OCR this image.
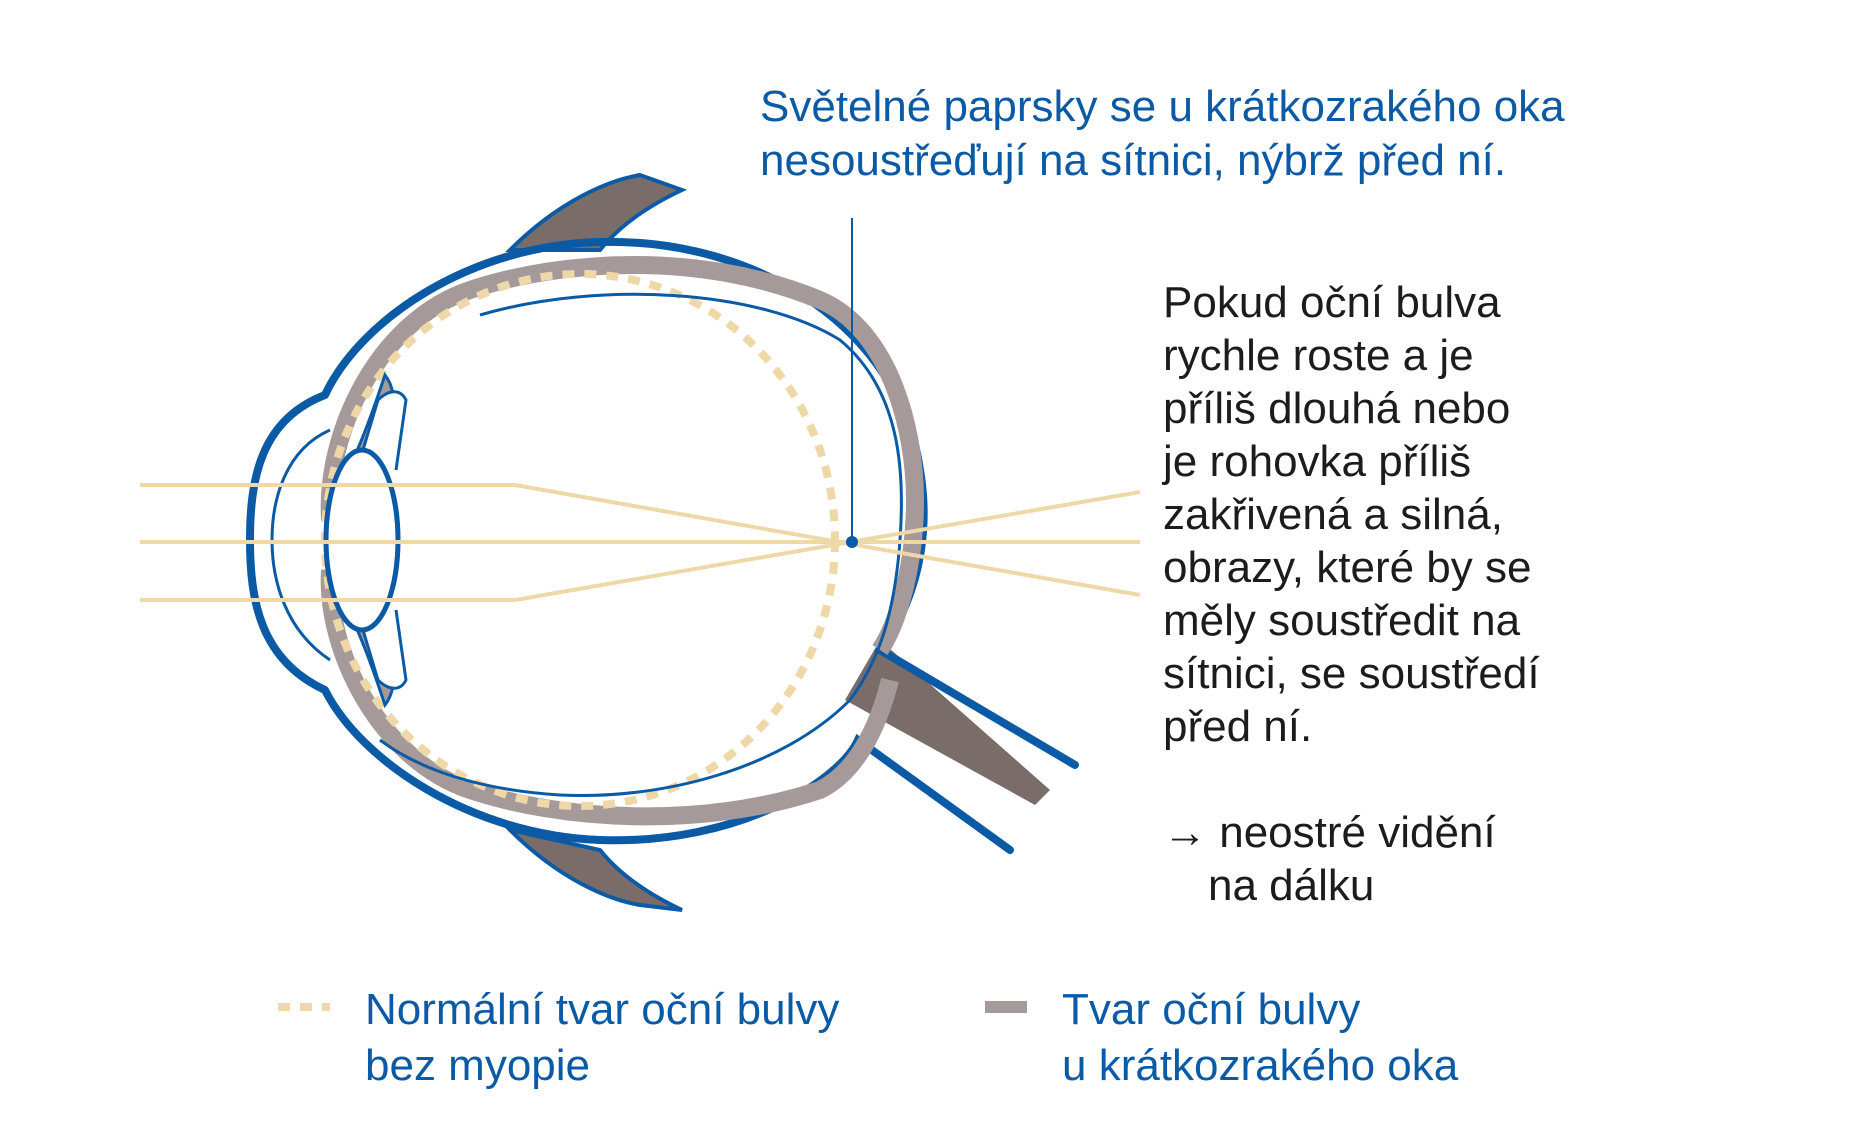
Světelné paprsky se u krátkozrakého oka
nesoustřeďují na sítnici, nýbrž před ní.
Pokud oční bulva
rychle roste a je
příliš dlouhá nebo
je rohovka příliš
zakřivená a silná,
obrazy, které by se
měly soustředit na
sítnici, se soustředí
před ní.
→ neostré vidění
na dálku
Normální tvar oční bulvy
bez myopie
Tvar oční bulvy
u krátkozrakého oka
